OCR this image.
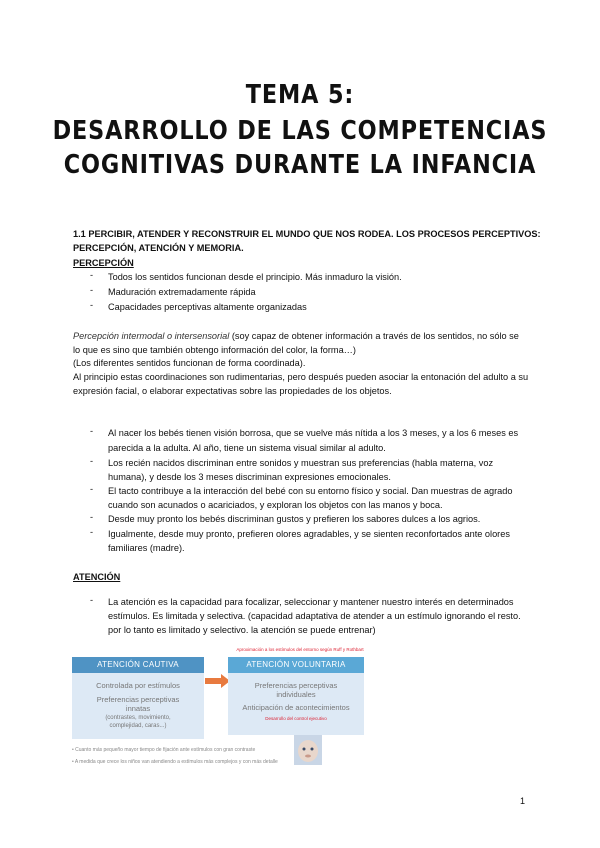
TEMA 5:
DESARROLLO DE LAS COMPETENCIAS
COGNITIVAS DURANTE LA INFANCIA
1.1 PERCIBIR, ATENDER Y RECONSTRUIR EL MUNDO QUE NOS RODEA. LOS PROCESOS PERCEPTIVOS:
PERCEPCIÓN, ATENCIÓN Y MEMORIA.
PERCEPCIÓN
- Todos los sentidos funcionan desde el principio. Más inmaduro la visión.
- Maduración extremadamente rápida
- Capacidades perceptivas altamente organizadas
Percepción intermodal o intersensorial (soy capaz de obtener información a través de los sentidos, no sólo se
lo que es sino que también obtengo información del color, la forma…)
(Los diferentes sentidos funcionan de forma coordinada).
Al principio estas coordinaciones son rudimentarias, pero después pueden asociar la entonación del adulto a su
expresión facial, o elaborar expectativas sobre las propiedades de los objetos.
- Al nacer los bebés tienen visión borrosa, que se vuelve más nítida a los 3 meses, y a los 6 meses es
parecida a la adulta. Al año, tiene un sistema visual similar al adulto.
- Los recién nacidos discriminan entre sonidos y muestran sus preferencias (habla materna, voz
humana), y desde los 3 meses discriminan expresiones emocionales.
- El tacto contribuye a la interacción del bebé con su entorno físico y social. Dan muestras de agrado
cuando son acunados o acariciados, y exploran los objetos con las manos y boca.
- Desde muy pronto los bebés discriminan gustos y prefieren los sabores dulces a los agrios.
- Igualmente, desde muy pronto, prefieren olores agradables, y se sienten reconfortados ante olores
familiares (madre).
ATENCIÓN
- La atención es la capacidad para focalizar, seleccionar y mantener nuestro interés en determinados
estímulos. Es limitada y selectiva. (capacidad adaptativa de atender a un estímulo ignorando el resto.
por lo tanto es limitado y selectivo. la atención se puede entrenar)
Aproximación a los estímulos del entorno según Ruff y Rothbart
ATENCIÓN CAUTIVA
Controlada por estímulos
Preferencias perceptivas
innatas
(contrastes, movimiento,
complejidad, caras...)
ATENCIÓN VOLUNTARIA
Preferencias perceptivas
individuales
Anticipación de acontecimientos
Desarrollo del control ejecutivo
• Cuanto más pequeño mayor tiempo de fijación ante estímulos con gran contraste
• A medida que crece los niños van atendiendo a estímulos más complejos y con más detalle
1
